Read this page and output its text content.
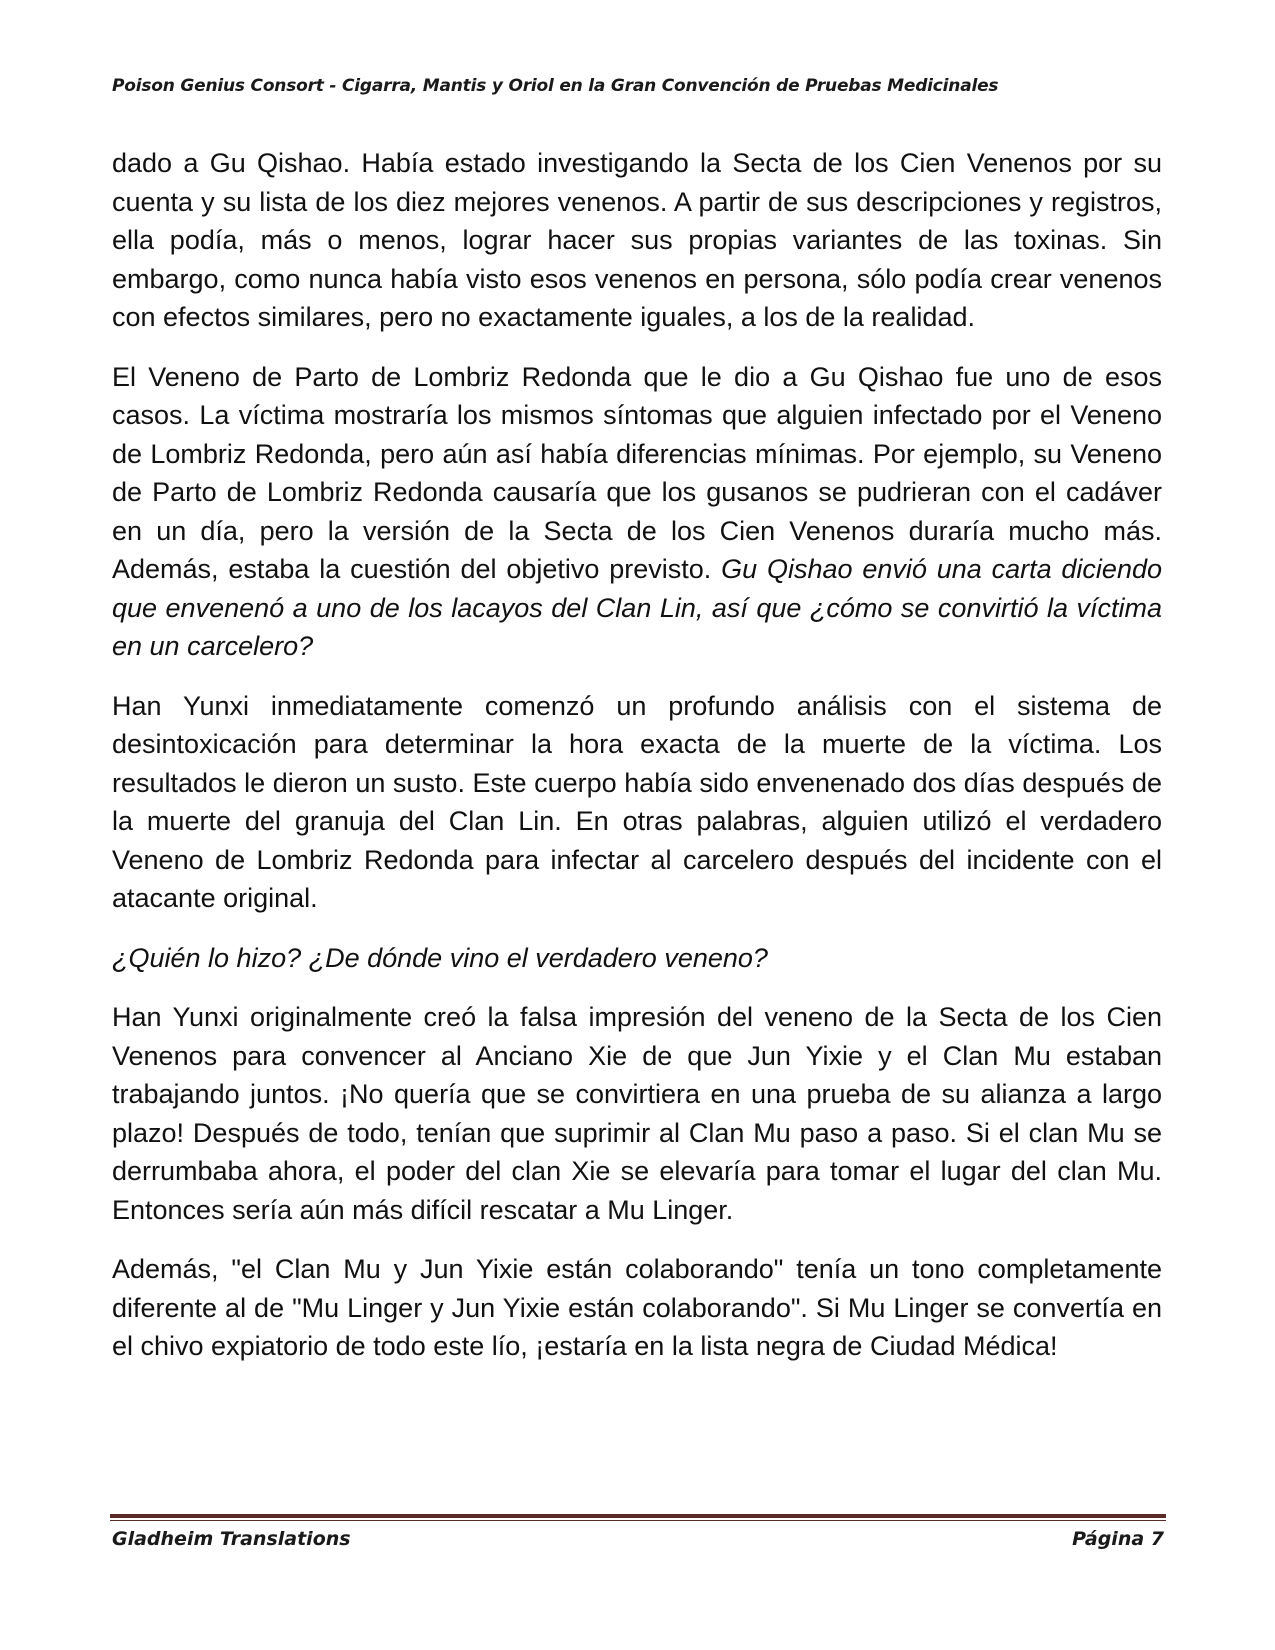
Poison Genius Consort - Cigarra, Mantis y Oriol en la Gran Convención de Pruebas Medicinales

dado a Gu Qishao. Había estado investigando la Secta de los Cien Venenos por su cuenta y su lista de los diez mejores venenos. A partir de sus descripciones y registros, ella podía, más o menos, lograr hacer sus propias variantes de las toxinas. Sin embargo, como nunca había visto esos venenos en persona, sólo podía crear venenos con efectos similares, pero no exactamente iguales, a los de la realidad.

El Veneno de Parto de Lombriz Redonda que le dio a Gu Qishao fue uno de esos casos. La víctima mostraría los mismos síntomas que alguien infectado por el Veneno de Lombriz Redonda, pero aún así había diferencias mínimas. Por ejemplo, su Veneno de Parto de Lombriz Redonda causaría que los gusanos se pudrieran con el cadáver en un día, pero la versión de la Secta de los Cien Venenos duraría mucho más. Además, estaba la cuestión del objetivo previsto. Gu Qishao envió una carta diciendo que envenenó a uno de los lacayos del Clan Lin, así que ¿cómo se convirtió la víctima en un carcelero?

Han Yunxi inmediatamente comenzó un profundo análisis con el sistema de desintoxicación para determinar la hora exacta de la muerte de la víctima. Los resultados le dieron un susto. Este cuerpo había sido envenenado dos días después de la muerte del granuja del Clan Lin. En otras palabras, alguien utilizó el verdadero Veneno de Lombriz Redonda para infectar al carcelero después del incidente con el atacante original.

¿Quién lo hizo? ¿De dónde vino el verdadero veneno?

Han Yunxi originalmente creó la falsa impresión del veneno de la Secta de los Cien Venenos para convencer al Anciano Xie de que Jun Yixie y el Clan Mu estaban trabajando juntos. ¡No quería que se convirtiera en una prueba de su alianza a largo plazo! Después de todo, tenían que suprimir al Clan Mu paso a paso. Si el clan Mu se derrumbaba ahora, el poder del clan Xie se elevaría para tomar el lugar del clan Mu. Entonces sería aún más difícil rescatar a Mu Linger.

Además, "el Clan Mu y Jun Yixie están colaborando" tenía un tono completamente diferente al de "Mu Linger y Jun Yixie están colaborando". Si Mu Linger se convertía en el chivo expiatorio de todo este lío, ¡estaría en la lista negra de Ciudad Médica!

Gladheim Translations	Página 7
